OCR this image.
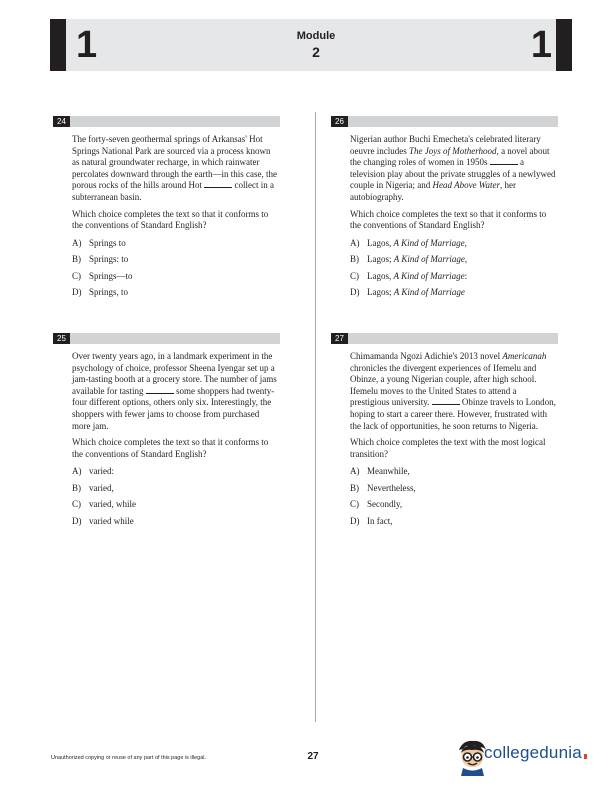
1	1
Module
2
24
The forty-seven geothermal springs of Arkansas' Hot Springs National Park are sourced via a process known as natural groundwater recharge, in which rainwater percolates downward through the earth—in this case, the porous rocks of the hills around Hot	collect in a subterranean basin.
Which choice completes the text so that it conforms to the conventions of Standard English?
A) Springs to
B) Springs: to
C) Springs—to
D) Springs, to
25
Over twenty years ago, in a landmark experiment in the psychology of choice, professor Sheena Iyengar set up a jam-tasting booth at a grocery store. The number of jams available for tasting	some shoppers had twenty-four different options, others only six. Interestingly, the shoppers with fewer jams to choose from purchased more jam.
Which choice completes the text so that it conforms to the conventions of Standard English?
A) varied:
B) varied,
C) varied, while
D) varied while
26
Nigerian author Buchi Emecheta's celebrated literary oeuvre includes The Joys of Motherhood, a novel about the changing roles of women in 1950s	a television play about the private struggles of a newlywed couple in Nigeria; and Head Above Water, her autobiography.
Which choice completes the text so that it conforms to the conventions of Standard English?
A) Lagos, A Kind of Marriage,
B) Lagos; A Kind of Marriage,
C) Lagos, A Kind of Marriage:
D) Lagos; A Kind of Marriage
27
Chimamanda Ngozi Adichie's 2013 novel Americanah chronicles the divergent experiences of Ifemelu and Obinze, a young Nigerian couple, after high school. Ifemelu moves to the United States to attend a prestigious university.	Obinze travels to London, hoping to start a career there. However, frustrated with the lack of opportunities, he soon returns to Nigeria.
Which choice completes the text with the most logical transition?
A) Meanwhile,
B) Nevertheless,
C) Secondly,
D) In fact,
Unauthorized copying or reuse of any part of this page is illegal.	27	collegedunia
